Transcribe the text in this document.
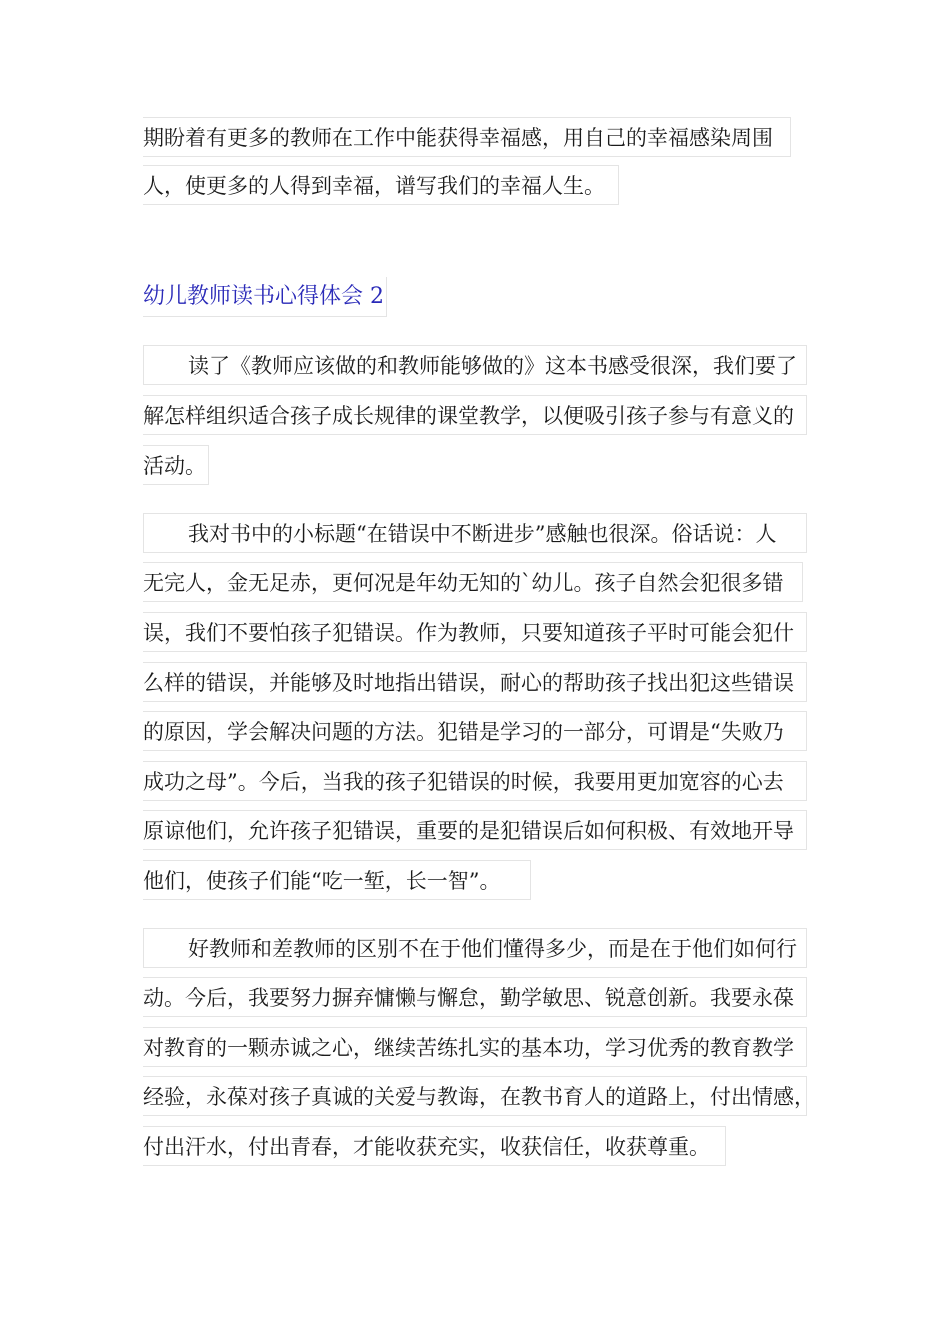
期盼着有更多的教师在工作中能获得幸福感，用自己的幸福感染周围
人，使更多的人得到幸福，谱写我们的幸福人生。
幼儿教师读书心得体会 2
读了《教师应该做的和教师能够做的》这本书感受很深，我们要了
解怎样组织适合孩子成长规律的课堂教学，以便吸引孩子参与有意义的
活动。
我对书中的小标题“在错误中不断进步”感触也很深。俗话说：人
无完人，金无足赤，更何况是年幼无知的`幼儿。孩子自然会犯很多错
误，我们不要怕孩子犯错误。作为教师，只要知道孩子平时可能会犯什
么样的错误，并能够及时地指出错误，耐心的帮助孩子找出犯这些错误
的原因，学会解决问题的方法。犯错是学习的一部分，可谓是“失败乃
成功之母”。今后，当我的孩子犯错误的时候，我要用更加宽容的心去
原谅他们，允许孩子犯错误，重要的是犯错误后如何积极、有效地开导
他们，使孩子们能“吃一堑，长一智”。
好教师和差教师的区别不在于他们懂得多少，而是在于他们如何行
动。今后，我要努力摒弃慵懒与懈怠，勤学敏思、锐意创新。我要永葆
对教育的一颗赤诚之心，继续苦练扎实的基本功，学习优秀的教育教学
经验，永葆对孩子真诚的关爱与教诲，在教书育人的道路上，付出情感，
付出汗水，付出青春，才能收获充实，收获信任，收获尊重。
